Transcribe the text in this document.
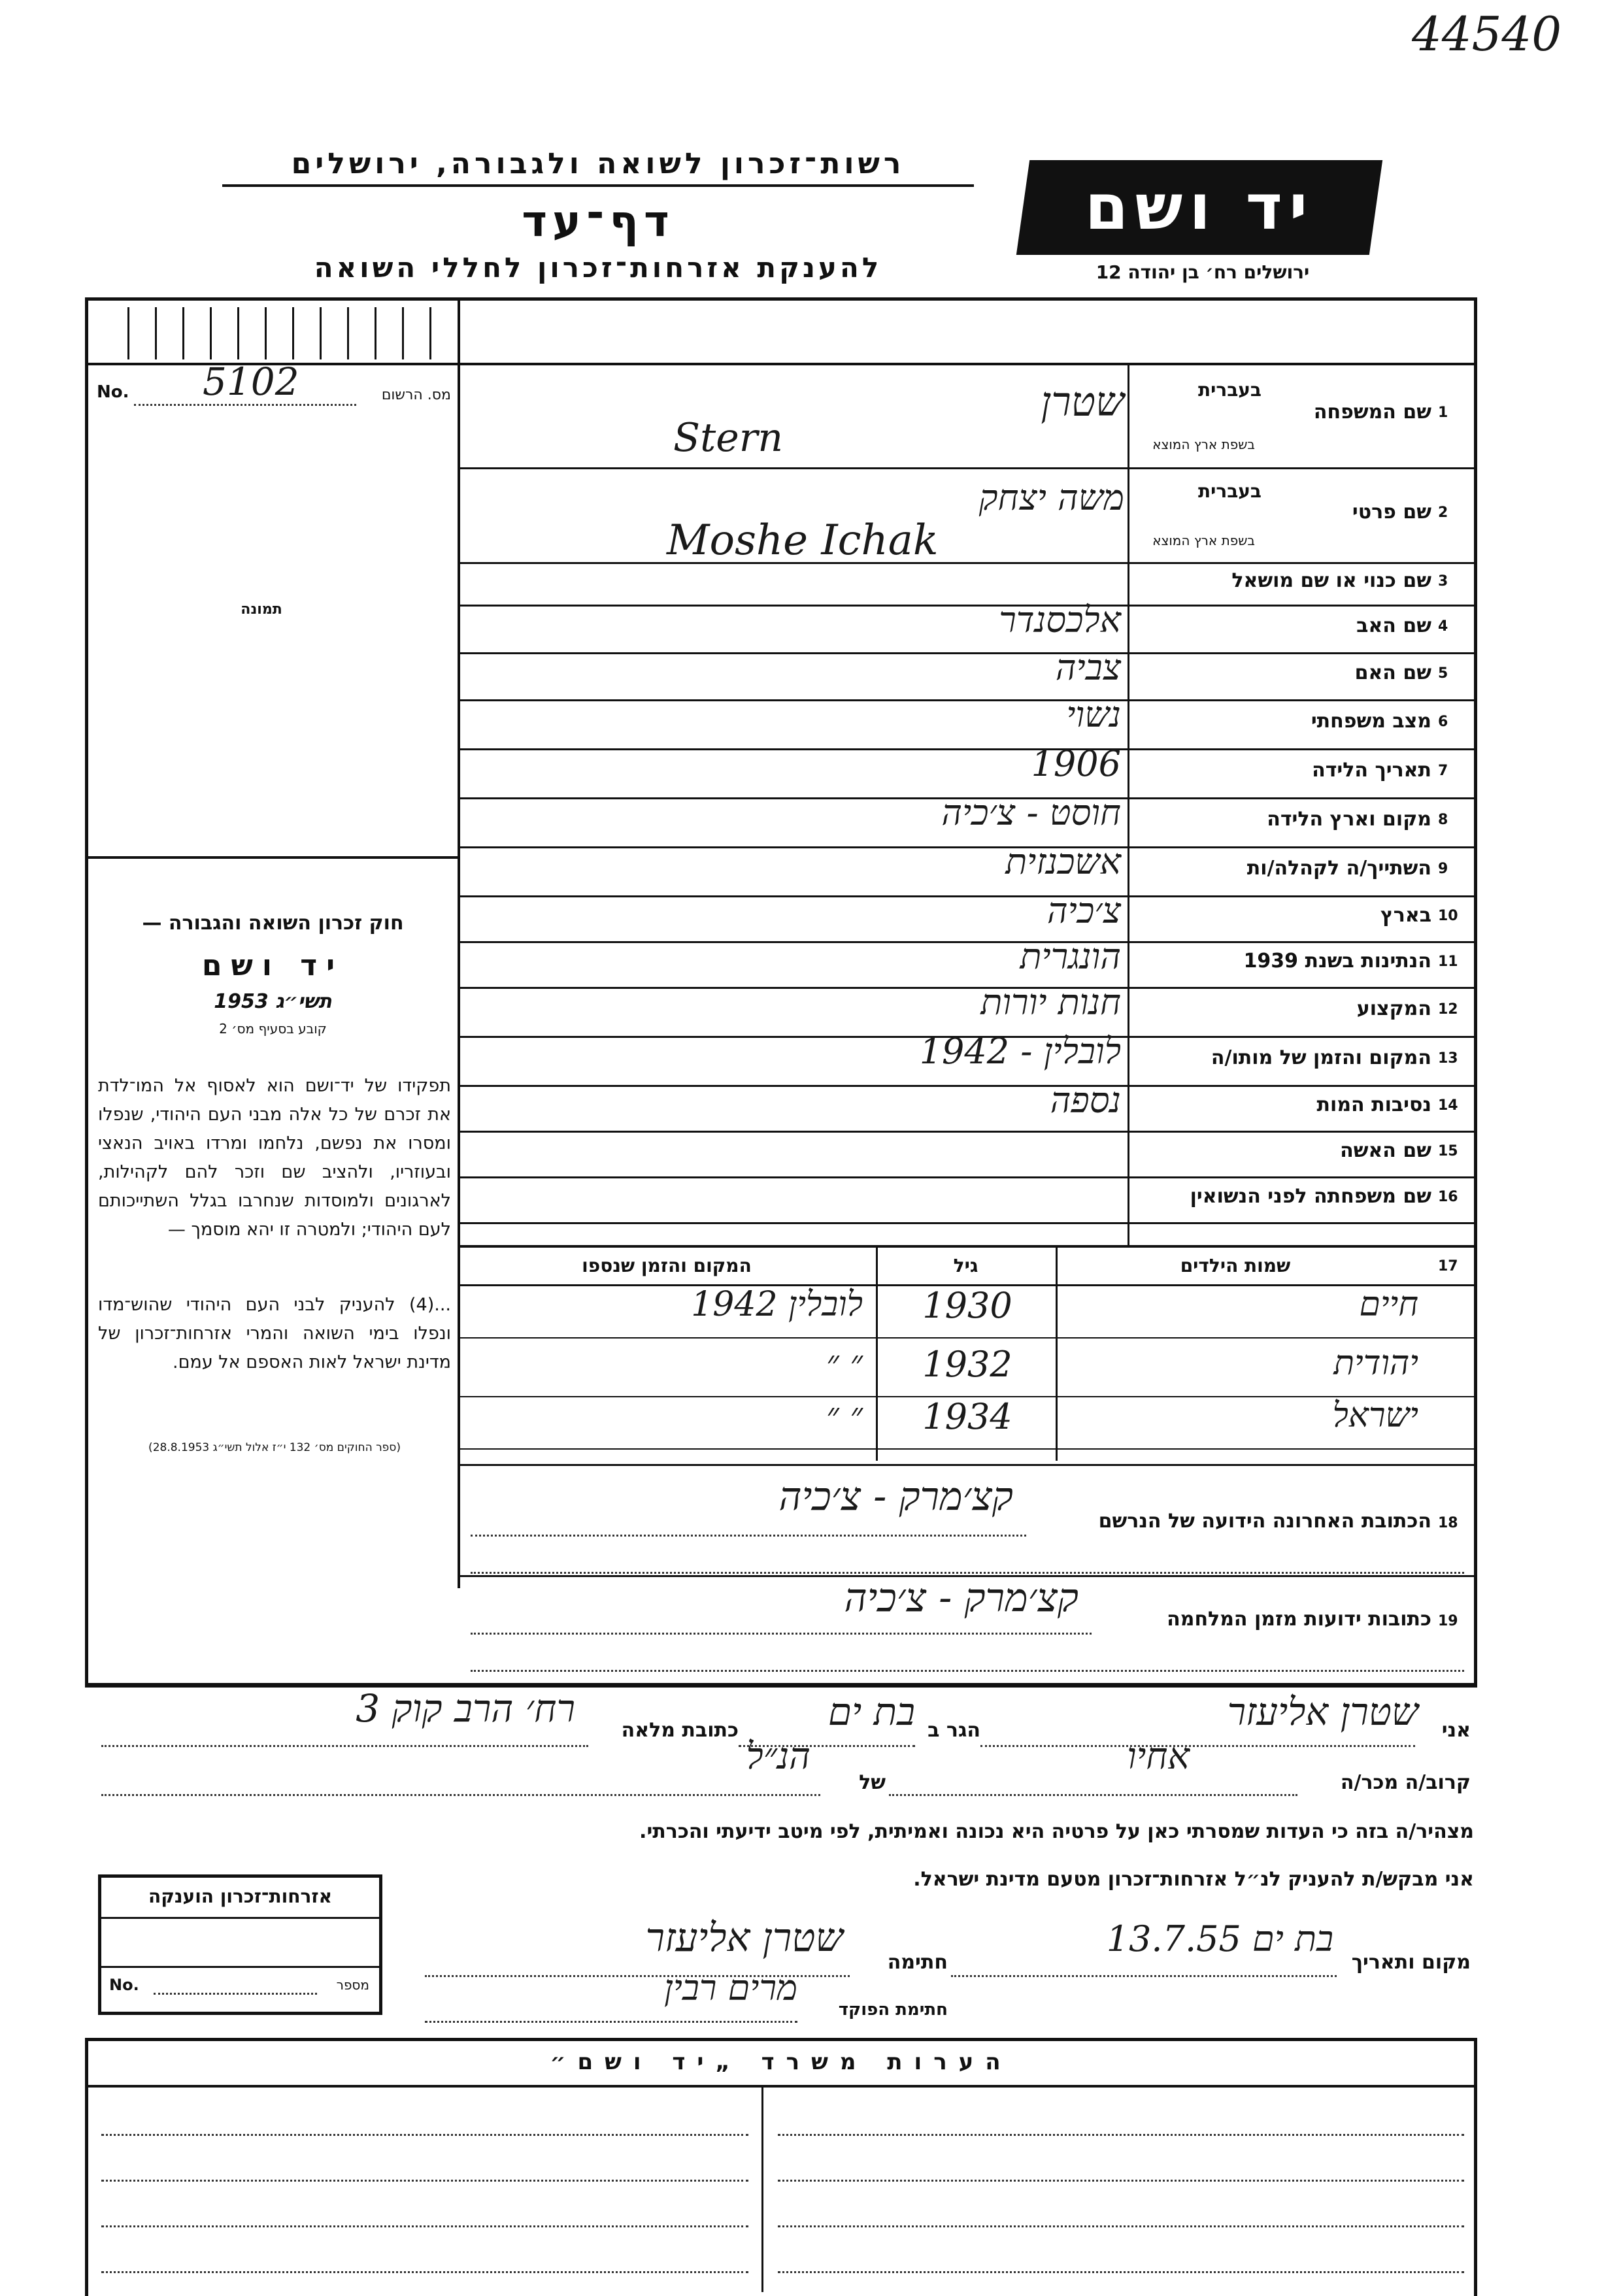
44540
רשות־זכרון לשואה ולגבורה, ירושלים
דף־עד
להענקת אזרחות־זכרון לחללי השואה
יד ושם
ירושלים רח׳ בן יהודה 12
No. 5102	מס. הרשום
תמונה
חוק זכרון השואה והגבורה —
יד ושם
תשי״ג 1953
קובע בסעיף מס׳ 2
תפקידו של יד־ושם הוא לאסוף אל המו־לדת את זכרם של כל אלה מבני העם היהודי, שנפלו ומסרו את נפשם, נלחמו ומרדו באויב הנאצי ובעוזריו, ולהציב שם וזכר להם לקהילות, לארגונים ולמוסדות שנחרבו בגלל השתייכותם לעם היהודי; ולמטרה זו יהא מוסמך —
...(4) להעניק לבני העם היהודי שהוש־מדו ונפלו בימי השואה והמרי אזרחות־זכרון של מדינת ישראל לאות האספם אל עמם.
(ספר החוקים מס׳ 132 י״ז אלול תשי״ג 28.8.1953)
1
שם המשפחה
2
שם פרטי
3
שם כנוי או שם מושאל
4
שם האב
אלכסנדר
5
שם האם
צביה
6
מצב משפחתי
נשוי
7
תאריך הלידה
1906
8
מקום וארץ הלידה
חוסט - צ׳כיה
9
השתייך/ה לקהלה/ות
אשכנזית
10
בארץ
צ׳כיה
11
הנתינות בשנת 1939
הונגרית
12
המקצוע
חנות יורות
13
המקום והזמן של מותו/ה
לובלין - 1942
14
נסיבות המות
נספה
15
שם האשה
16
שם משפחתה לפני הנשואין
בעברית
בשפת ארץ המוצא
בעברית
בשפת ארץ המוצא
שטרן
Stern
משה יצחק
Moshe Ichak
17
שמות הילדים
גיל
המקום והזמן שנספו
חיים
1930
לובלין 1942
יהודית
1932
״ ״
ישראל
1934
״ ״
18
הכתובת האחרונה הידועה של הנרשם
קצ׳מרק - צ׳כיה
19
כתובות ידועות מזמן המלחמה
קצ׳מרק - צ׳כיה
אני
שטרן אליעזר
הגר ב
בת ים
כתובת מלאה
רח׳ הרב קוק 3
קרוב/ה מכר/ה
אחיו
של
הנ״ל
מצהיר/ה בזה כי העדות שמסרתי כאן על פרטיה היא נכונה ואמיתית, לפי מיטב ידיעתי והכרתי.
אני מבקש/ת להעניק לנ״ל אזרחות־זכרון מטעם מדינת ישראל.
אזרחות־זכרון הוענקה
No.	מספר
מקום ותאריך
בת ים 13.7.55
חתימה
שטרן אליעזר
חתימת הפוקד
מרים רבין
הערות משרד „יד ושם״
